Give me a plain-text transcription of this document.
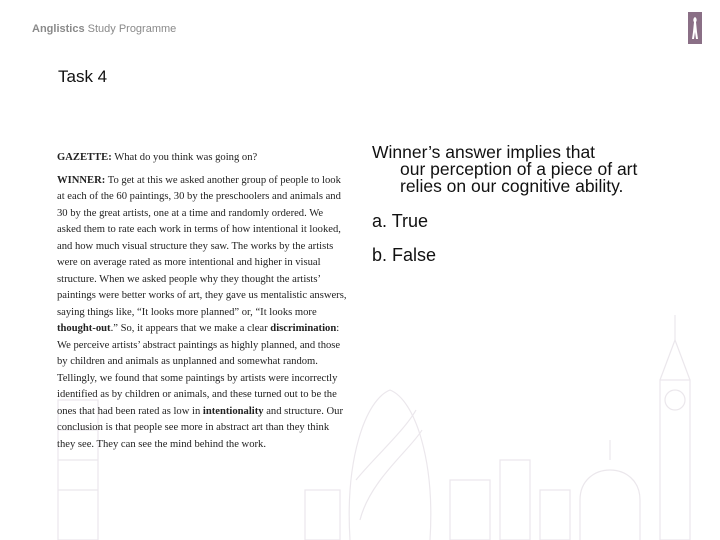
Anglistics Study Programme
Task 4

GAZETTE: What do you think was going on?

WINNER: To get at this we asked another group of people to look at each of the 60 paintings, 30 by the preschoolers and animals and 30 by the great artists, one at a time and randomly ordered. We asked them to rate each work in terms of how intentional it looked, and how much visual structure they saw. The works by the artists were on average rated as more intentional and higher in visual structure. When we asked people why they thought the artists’ paintings were better works of art, they gave us mentalistic answers, saying things like, “It looks more planned” or, “It looks more thought-out.” So, it appears that we make a clear discrimination: We perceive artists’ abstract paintings as highly planned, and those by children and animals as unplanned and somewhat random. Tellingly, we found that some paintings by artists were incorrectly identified as by children or animals, and these turned out to be the ones that had been rated as low in intentionality and structure. Our conclusion is that people see more in abstract art than they think they see. They can see the mind behind the work.

Winner’s answer implies that
our perception of a piece of art relies on our cognitive ability.
a. True
b. False
